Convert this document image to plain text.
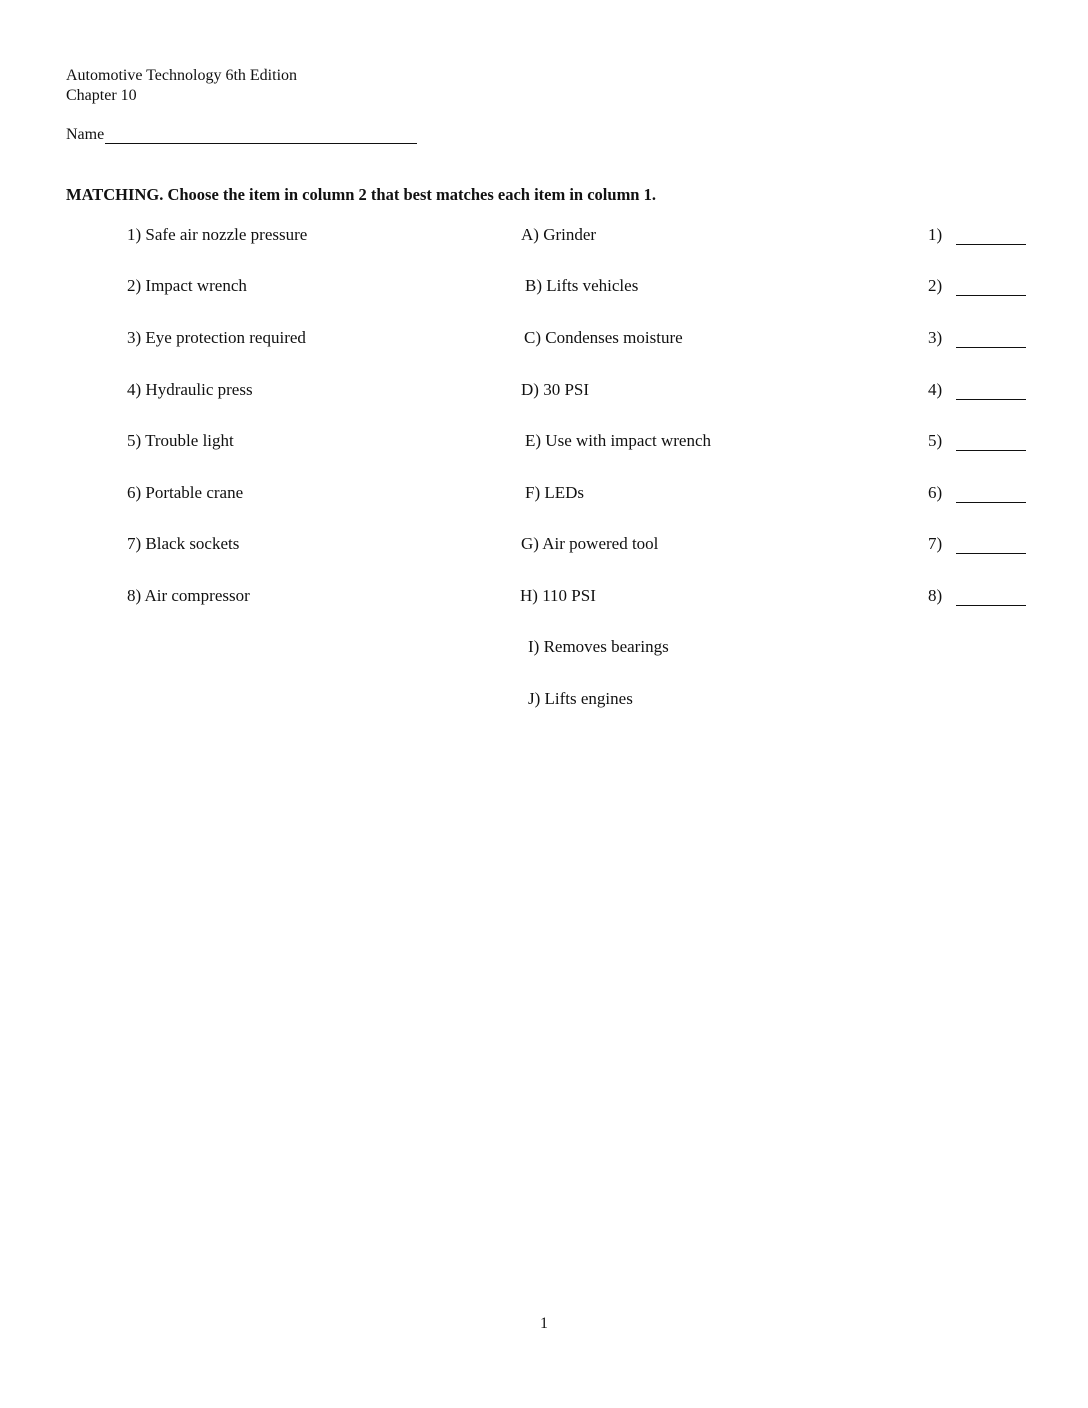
Automotive Technology 6th Edition
Chapter 10
Name
MATCHING. Choose the item in column 2 that best matches each item in column 1.
1) Safe air nozzle pressure	A) Grinder	1)
2) Impact wrench	B) Lifts vehicles	2)
3) Eye protection required	C) Condenses moisture	3)
4) Hydraulic press	D) 30 PSI	4)
5) Trouble light	E) Use with impact wrench	5)
6) Portable crane	F) LEDs	6)
7) Black sockets	G) Air powered tool	7)
8) Air compressor	H) 110 PSI	8)
I) Removes bearings
J) Lifts engines
1
